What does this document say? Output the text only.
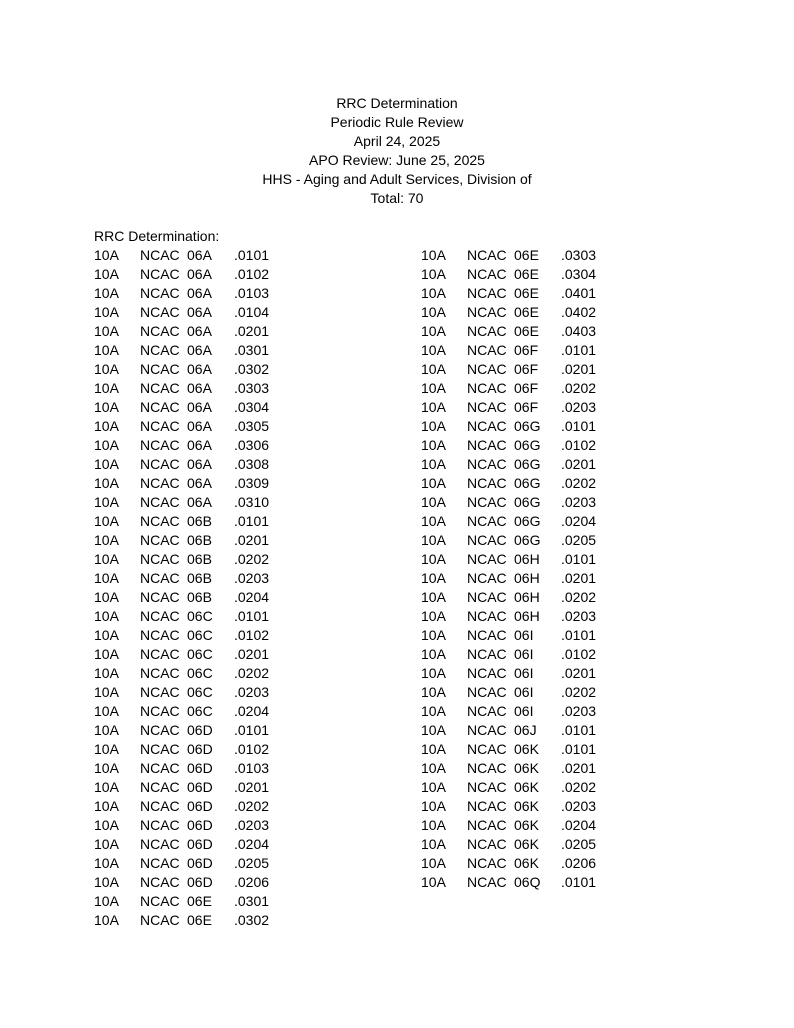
RRC Determination
Periodic Rule Review
April 24, 2025
APO Review: June 25, 2025
HHS - Aging and Adult Services, Division of
Total: 70
RRC Determination:
10A	NCAC 06A	.0101
10A	NCAC 06A	.0102
10A	NCAC 06A	.0103
10A	NCAC 06A	.0104
10A	NCAC 06A	.0201
10A	NCAC 06A	.0301
10A	NCAC 06A	.0302
10A	NCAC 06A	.0303
10A	NCAC 06A	.0304
10A	NCAC 06A	.0305
10A	NCAC 06A	.0306
10A	NCAC 06A	.0308
10A	NCAC 06A	.0309
10A	NCAC 06A	.0310
10A	NCAC 06B	.0101
10A	NCAC 06B	.0201
10A	NCAC 06B	.0202
10A	NCAC 06B	.0203
10A	NCAC 06B	.0204
10A	NCAC 06C	.0101
10A	NCAC 06C	.0102
10A	NCAC 06C	.0201
10A	NCAC 06C	.0202
10A	NCAC 06C	.0203
10A	NCAC 06C	.0204
10A	NCAC 06D	.0101
10A	NCAC 06D	.0102
10A	NCAC 06D	.0103
10A	NCAC 06D	.0201
10A	NCAC 06D	.0202
10A	NCAC 06D	.0203
10A	NCAC 06D	.0204
10A	NCAC 06D	.0205
10A	NCAC 06D	.0206
10A	NCAC 06E	.0301
10A	NCAC 06E	.0302
10A	NCAC 06E	.0303
10A	NCAC 06E	.0304
10A	NCAC 06E	.0401
10A	NCAC 06E	.0402
10A	NCAC 06E	.0403
10A	NCAC 06F	.0101
10A	NCAC 06F	.0201
10A	NCAC 06F	.0202
10A	NCAC 06F	.0203
10A	NCAC 06G	.0101
10A	NCAC 06G	.0102
10A	NCAC 06G	.0201
10A	NCAC 06G	.0202
10A	NCAC 06G	.0203
10A	NCAC 06G	.0204
10A	NCAC 06G	.0205
10A	NCAC 06H	.0101
10A	NCAC 06H	.0201
10A	NCAC 06H	.0202
10A	NCAC 06H	.0203
10A	NCAC 06I	.0101
10A	NCAC 06I	.0102
10A	NCAC 06I	.0201
10A	NCAC 06I	.0202
10A	NCAC 06I	.0203
10A	NCAC 06J	.0101
10A	NCAC 06K	.0101
10A	NCAC 06K	.0201
10A	NCAC 06K	.0202
10A	NCAC 06K	.0203
10A	NCAC 06K	.0204
10A	NCAC 06K	.0205
10A	NCAC 06K	.0206
10A	NCAC 06Q	.0101
